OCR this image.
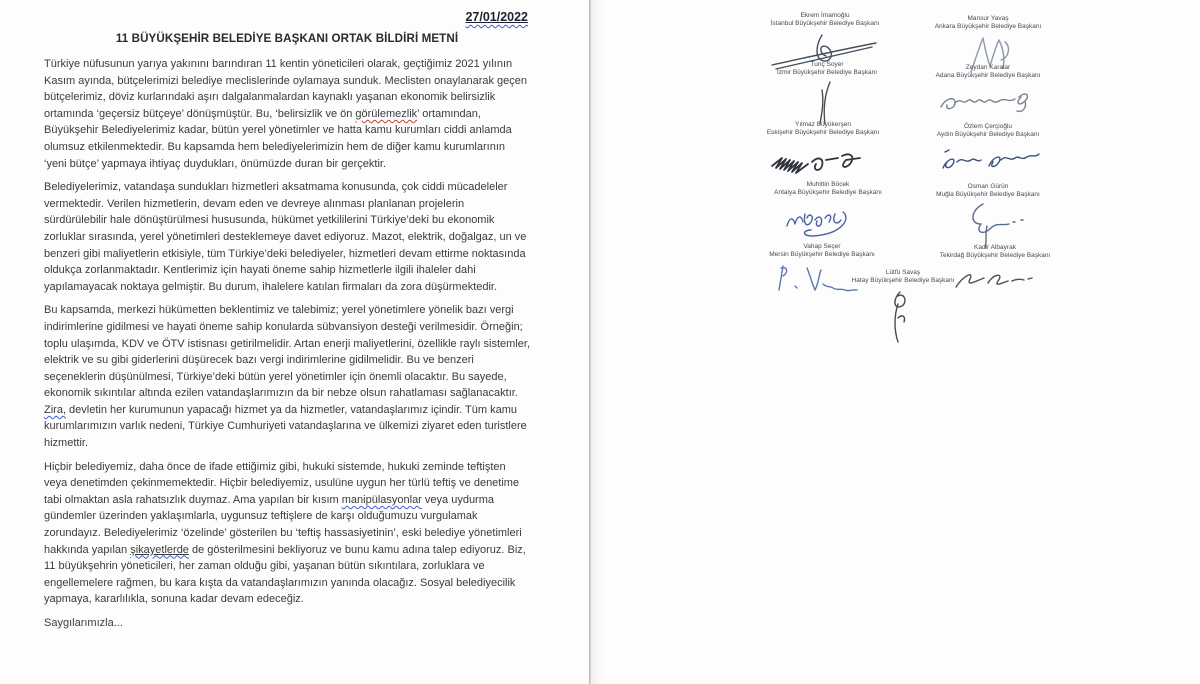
27/01/2022
11 BÜYÜKŞEHİR BELEDİYE BAŞKANI ORTAK BİLDİRİ METNİ
Türkiye nüfusunun yarıya yakınını barındıran 11 kentin yöneticileri olarak, geçtiğimiz 2021 yılının Kasım ayında, bütçelerimizi belediye meclislerinde oylamaya sunduk. Meclisten onaylanarak geçen bütçelerimiz, döviz kurlarındaki aşırı dalgalanmalardan kaynaklı yaşanan ekonomik belirsizlik ortamında ‘geçersiz bütçeye’ dönüşmüştür. Bu, ‘belirsizlik ve ön görülemezlik’ ortamından, Büyükşehir Belediyelerimiz kadar, bütün yerel yönetimler ve hatta kamu kurumları ciddi anlamda olumsuz etkilenmektedir. Bu kapsamda hem belediyelerimizin hem de diğer kamu kurumlarının ‘yeni bütçe’ yapmaya ihtiyaç duydukları, önümüzde duran bir gerçektir.
Belediyelerimiz, vatandaşa sundukları hizmetleri aksatmama konusunda, çok ciddi mücadeleler vermektedir. Verilen hizmetlerin, devam eden ve devreye alınması planlanan projelerin sürdürülebilir hale dönüştürülmesi hususunda, hükümet yetkililerini Türkiye’deki bu ekonomik zorluklar sırasında, yerel yönetimleri desteklemeye davet ediyoruz. Mazot, elektrik, doğalgaz, un ve benzeri gibi maliyetlerin etkisiyle, tüm Türkiye’deki belediyeler, hizmetleri devam ettirme noktasında oldukça zorlanmaktadır. Kentlerimiz için hayati öneme sahip hizmetlerle ilgili ihaleler dahi yapılamayacak noktaya gelmiştir. Bu durum, ihalelere katılan firmaları da zora düşürmektedir.
Bu kapsamda, merkezi hükümetten beklentimiz ve talebimiz; yerel yönetimlere yönelik bazı vergi indirimlerine gidilmesi ve hayati öneme sahip konularda sübvansiyon desteği verilmesidir. Örneğin; toplu ulaşımda, KDV ve ÖTV istisnası getirilmelidir. Artan enerji maliyetlerini, özellikle raylı sistemler, elektrik ve su gibi giderlerini düşürecek bazı vergi indirimlerine gidilmelidir. Bu ve benzeri seçeneklerin düşünülmesi, Türkiye’deki bütün yerel yönetimler için önemli olacaktır. Bu sayede, ekonomik sıkıntılar altında ezilen vatandaşlarımızın da bir nebze olsun rahatlaması sağlanacaktır. Zira, devletin her kurumunun yapacağı hizmet ya da hizmetler, vatandaşlarımız içindir. Tüm kamu kurumlarımızın varlık nedeni, Türkiye Cumhuriyeti vatandaşlarına ve ülkemizi ziyaret eden turistlere hizmettir.
Hiçbir belediyemiz, daha önce de ifade ettiğimiz gibi, hukuki sistemde, hukuki zeminde teftişten veya denetimden çekinmemektedir. Hiçbir belediyemiz, usulüne uygun her türlü teftiş ve denetime tabi olmaktan asla rahatsızlık duymaz. Ama yapılan bir kısım manipülasyonlar veya uydurma gündemler üzerinden yaklaşımlarla, uygunsuz teftişlere de karşı olduğumuzu vurgulamak zorundayız. Belediyelerimiz ‘özelinde’ gösterilen bu ‘teftiş hassasiyetinin’, eski belediye yönetimleri hakkında yapılan şikayetlerde de gösterilmesini bekliyoruz ve bunu kamu adına talep ediyoruz. Biz, 11 büyükşehrin yöneticileri, her zaman olduğu gibi, yaşanan bütün sıkıntılara, zorluklara ve engellemelere rağmen, bu kara kışta da vatandaşlarımızın yanında olacağız. Sosyal belediyecilik yapmaya, kararlılıkla, sonuna kadar devam edeceğiz.
Saygılarımızla...
Ekrem İmamoğlu
İstanbul Büyükşehir Belediye Başkanı
Mansur Yavaş
Ankara Büyükşehir Belediye Başkanı
Tunç Soyer
İzmir Büyükşehir Belediye Başkanı
Zeydan Karalar
Adana Büyükşehir Belediye Başkanı
Yılmaz Büyükerşen
Eskişehir Büyükşehir Belediye Başkanı
Özlem Çerçioğlu
Aydın Büyükşehir Belediye Başkanı
Muhittin Böcek
Antalya Büyükşehir Belediye Başkanı
Osman Gürün
Muğla Büyükşehir Belediye Başkanı
Vahap Seçer
Mersin Büyükşehir Belediye Başkanı
Kadir Albayrak
Tekirdağ Büyükşehir Belediye Başkanı
Lütfü Savaş
Hatay Büyükşehir Belediye Başkanı
